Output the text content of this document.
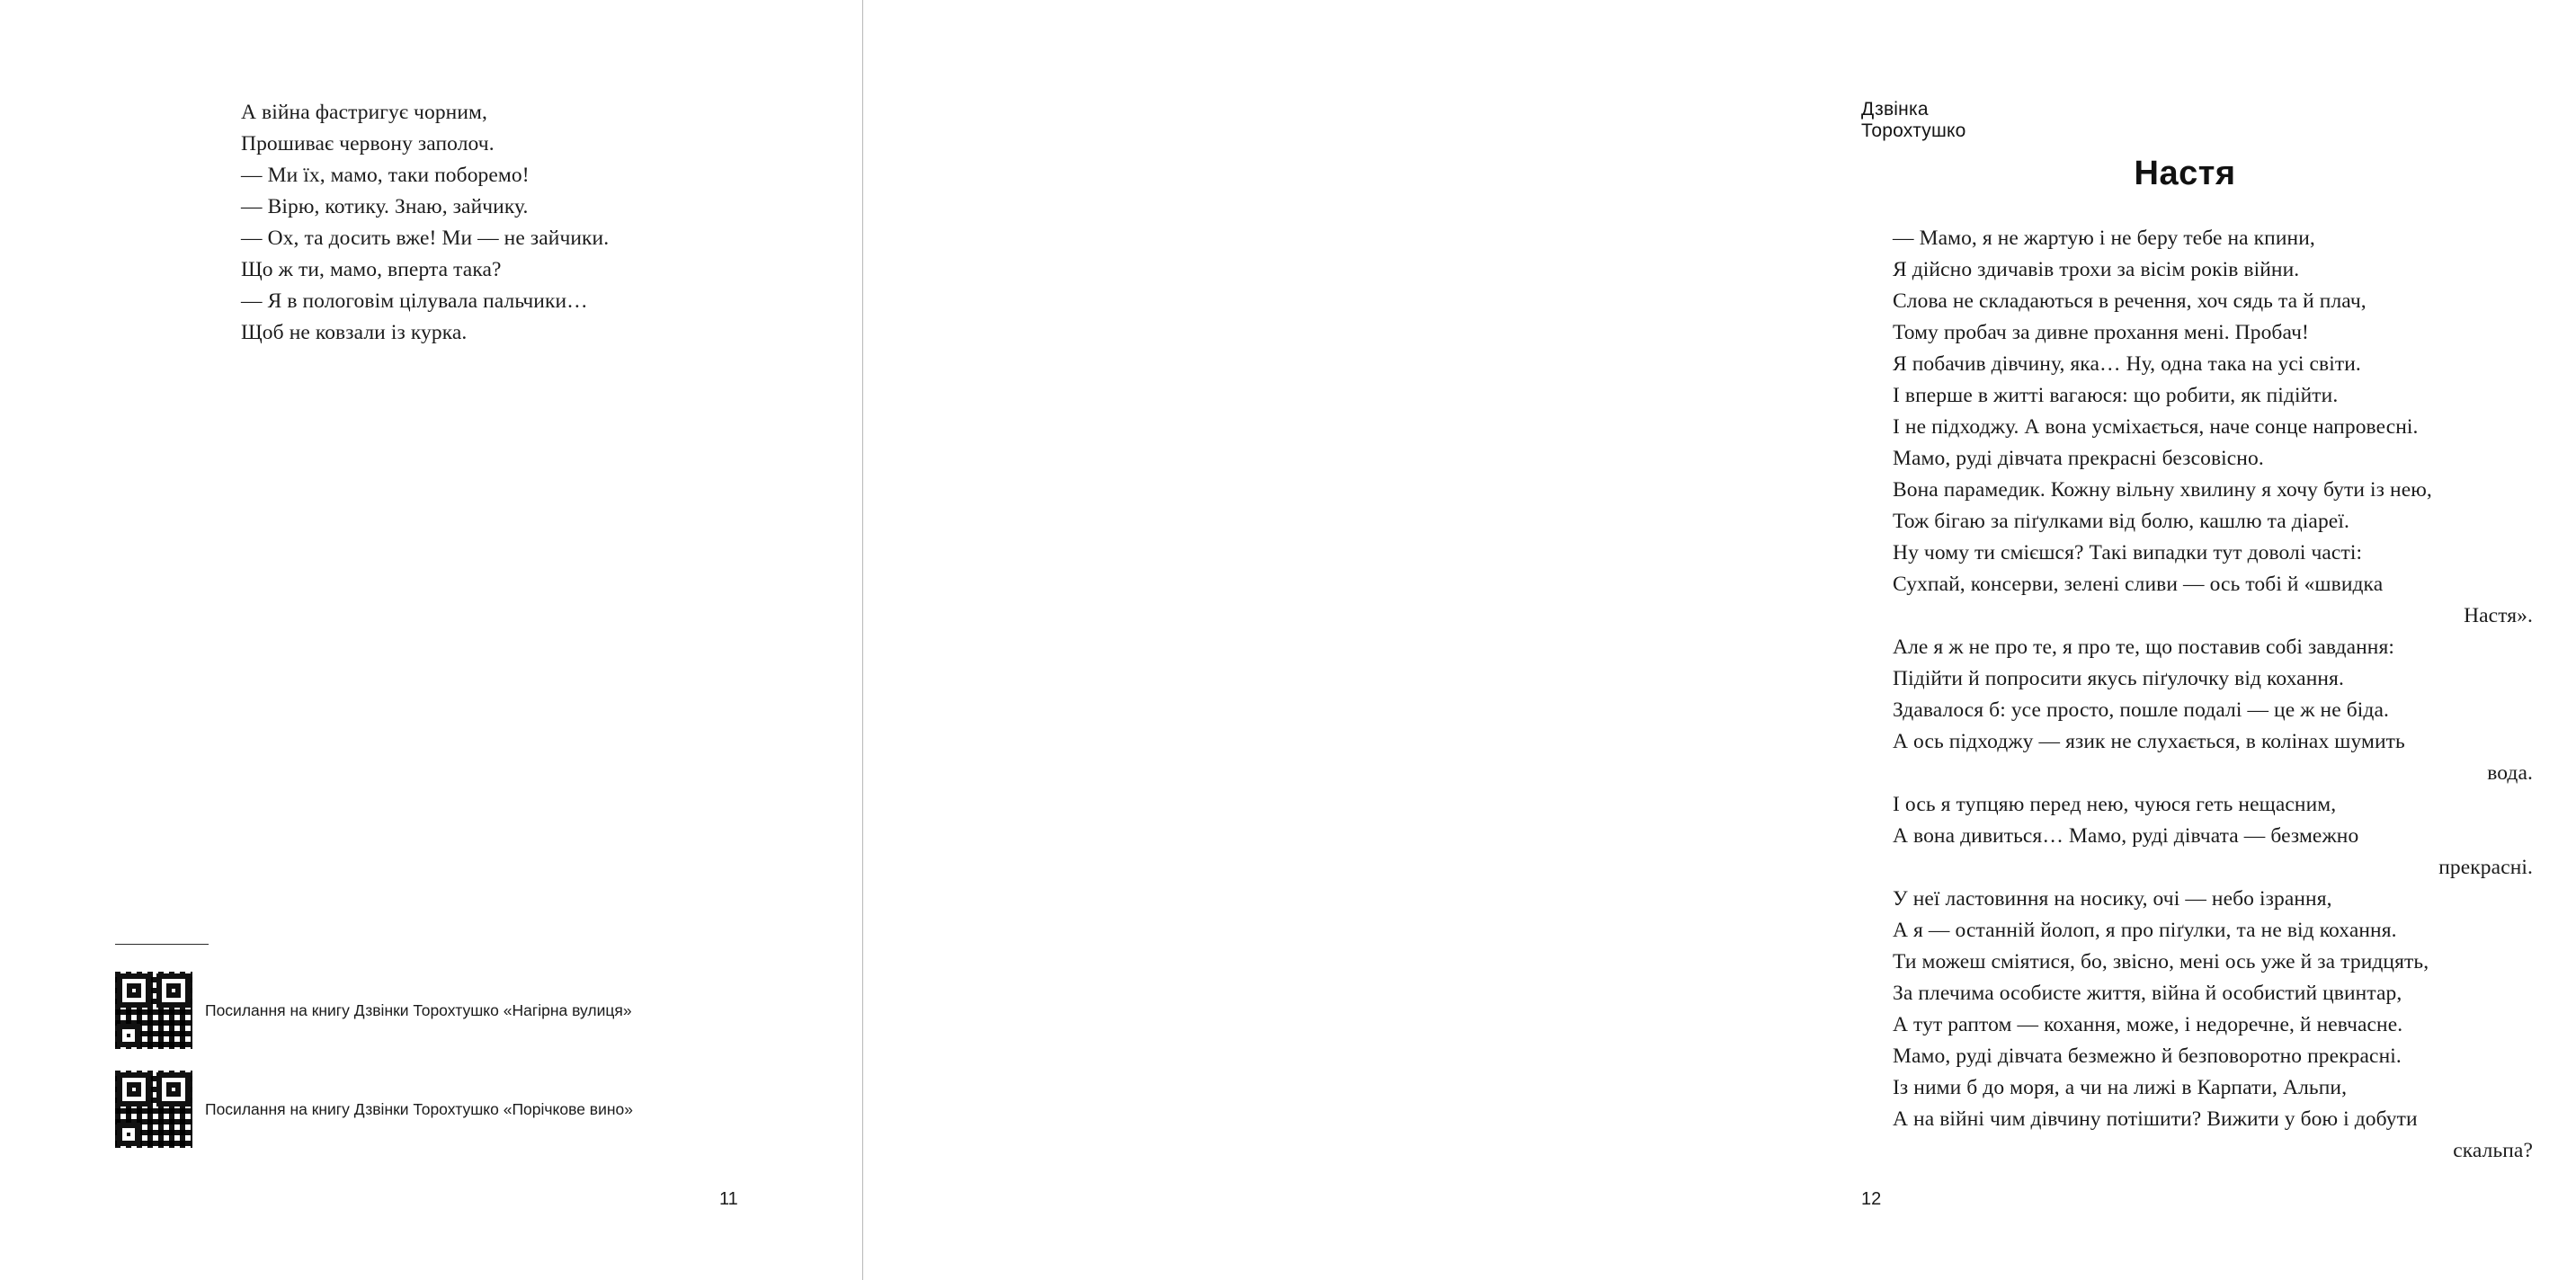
А війна фастригує чорним,
Прошиває червону заполоч.
— Ми їх, мамо, таки поборемо!
— Вірю, котику. Знаю, зайчику.
— Ох, та досить вже! Ми — не зайчики.
Що ж ти, мамо, вперта така?
— Я в пологовім цілувала пальчики…
Щоб не ковзали із курка.
Посилання на книгу Дзвінки Торохтушко «Нагірна вулиця»
Посилання на книгу Дзвінки Торохтушко «Порічкове вино»
11
Дзвінка Торохтушко
Настя
— Мамо, я не жартую і не беру тебе на кпини,
Я дійсно здичавів трохи за вісім років війни.
Слова не складаються в речення, хоч сядь та й плач,
Тому пробач за дивне прохання мені. Пробач!
Я побачив дівчину, яка… Ну, одна така на усі світи.
І вперше в житті вагаюся: що робити, як підійти.
І не підходжу. А вона усміхається, наче сонце напровесні.
Мамо, руді дівчата прекрасні безсовісно.
Вона парамедик. Кожну вільну хвилину я хочу бути із нею,
Тож бігаю за піґулками від болю, кашлю та діареї.
Ну чому ти смієшся? Такі випадки тут доволі часті:
Сухпай, консерви, зелені сливи — ось тобі й «швидка
Настя».
Але я ж не про те, я про те, що поставив собі завдання:
Підійти й попросити якусь піґулочку від кохання.
Здавалося б: усе просто, пошле подалі — це ж не біда.
А ось підходжу — язик не слухається, в колінах шумить
вода.
І ось я тупцяю перед нею, чуюся геть нещасним,
А вона дивиться… Мамо, руді дівчата — безмежно
прекрасні.
У неї ластовиння на носику, очі — небо ізрання,
А я — останній йолоп, я про піґулки, та не від кохання.
Ти можеш сміятися, бо, звісно, мені ось уже й за тридцять,
За плечима особисте життя, війна й особистий цвинтар,
А тут раптом — кохання, може, і недоречне, й невчасне.
Мамо, руді дівчата безмежно й безповоротно прекрасні.
Із ними б до моря, а чи на лижі в Карпати, Альпи,
А на війні чим дівчину потішити? Вижити у бою і добути
скальпа?
12
